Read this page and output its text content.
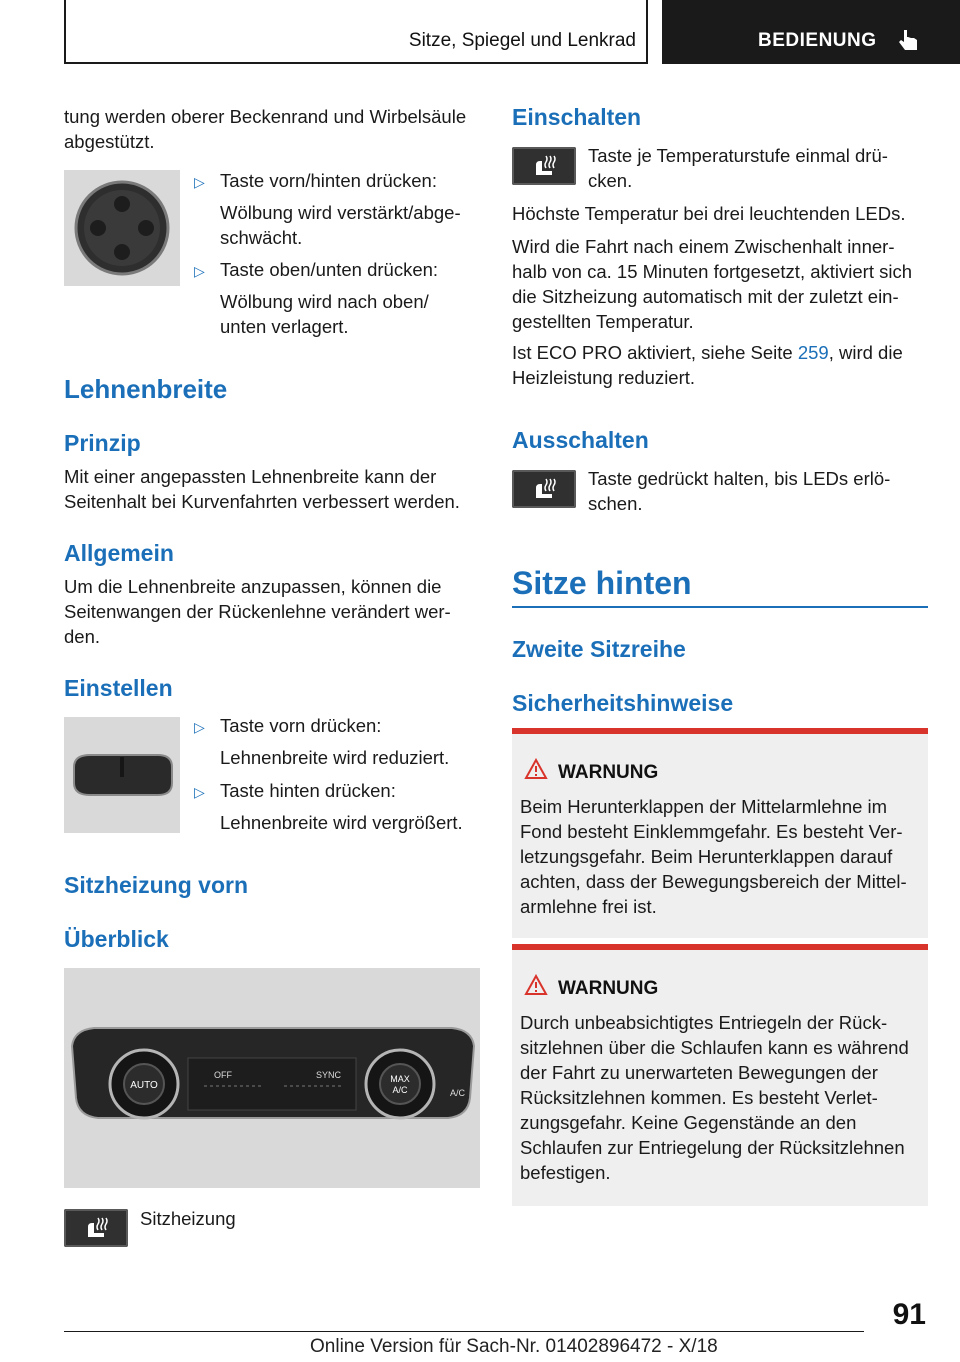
Sitze, Spiegel und Lenkrad	BEDIENUNG

tung werden oberer Beckenrand und Wirbelsäule abgestützt.

▷ Taste vorn/hinten drücken:

Wölbung wird verstärkt/abge‐ schwächt.

▷ Taste oben/unten drücken:

Wölbung wird nach oben/ unten verlagert.

Lehnenbreite
Prinzip

Mit einer angepassten Lehnenbreite kann der Seitenhalt bei Kurvenfahrten verbessert werden.

Allgemein

Um die Lehnenbreite anzupassen, können die Seitenwangen der Rückenlehne verändert wer‐ den.

Einstellen
▷ Taste vorn drücken:

Lehnenbreite wird reduziert.

▷ Taste hinten drücken:

Lehnenbreite wird vergrößert.

Sitzheizung vorn
Überblick
AUTO
MAX
A/C
OFF	SYNC
A/C

Sitzheizung

Einschalten

Taste je Temperaturstufe einmal drü‐ cken.

Höchste Temperatur bei drei leuchtenden LEDs.

Wird die Fahrt nach einem Zwischenhalt inner‐ halb von ca. 15 Minuten fortgesetzt, aktiviert sich die Sitzheizung automatisch mit der zuletzt ein‐ gestellten Temperatur.

Ist ECO PRO aktiviert, siehe Seite 259, wird die Heizleistung reduziert.

Ausschalten

Taste gedrückt halten, bis LEDs erlö‐ schen.

Sitze hinten
Zweite Sitzreihe
Sicherheitshinweise
WARNUNG

Beim Herunterklappen der Mittelarmlehne im Fond besteht Einklemmgefahr. Es besteht Ver‐ letzungsgefahr. Beim Herunterklappen darauf achten, dass der Bewegungsbereich der Mittel‐ armlehne frei ist.

WARNUNG

Durch unbeabsichtigtes Entriegeln der Rück‐ sitzlehnen über die Schlaufen kann es während der Fahrt zu unerwarteten Bewegungen der Rücksitzlehnen kommen. Es besteht Verlet‐ zungsgefahr. Keine Gegenstände an den Schlaufen zur Entriegelung der Rücksitzlehnen befestigen.

91
Online Version für Sach-Nr. 01402896472 - X/18
